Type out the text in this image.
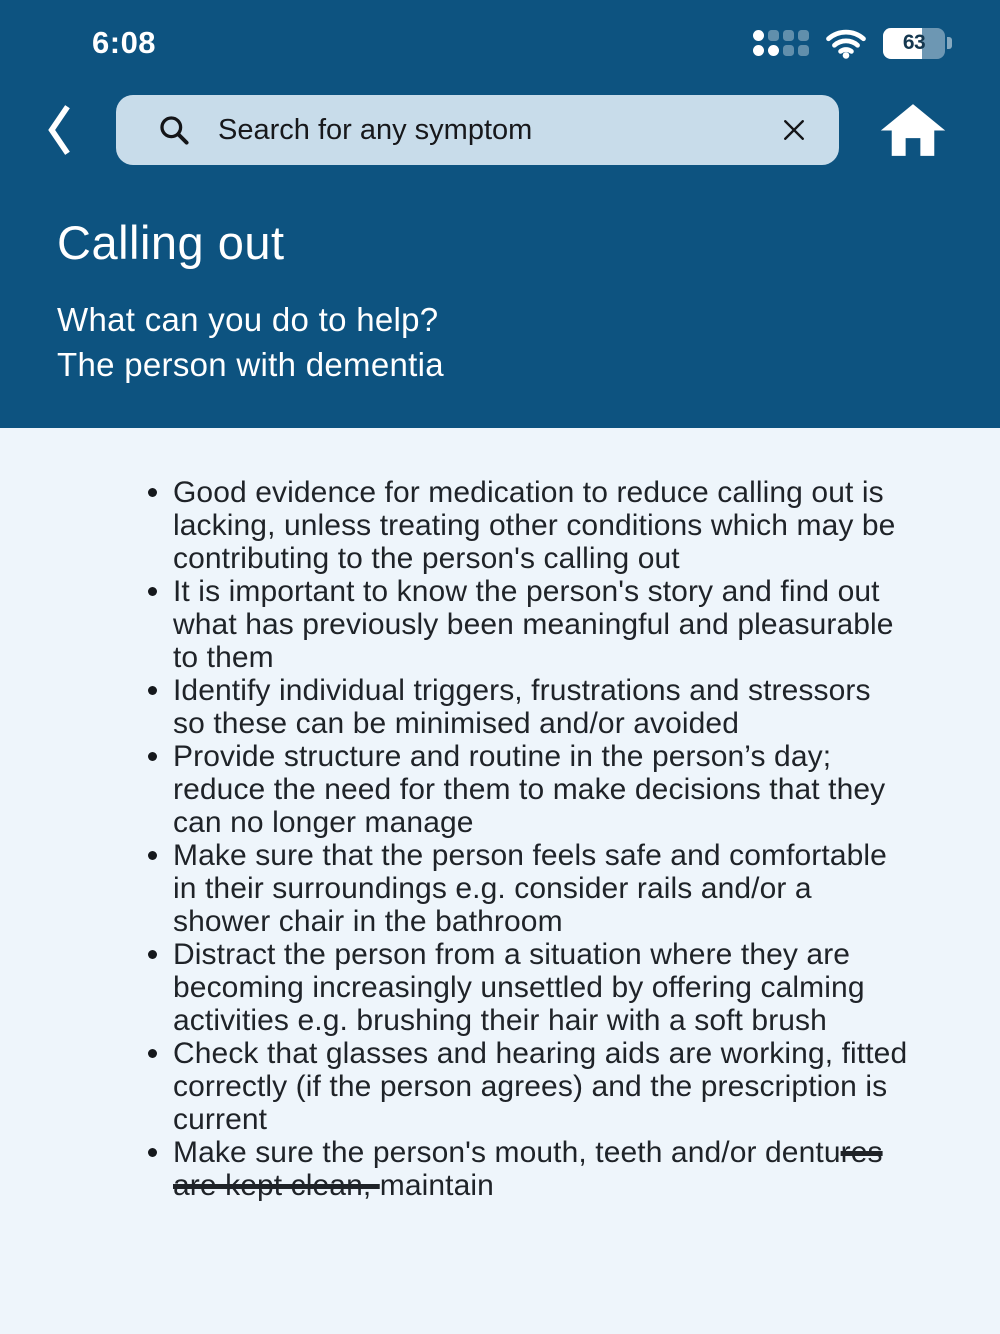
6:08	63
Search for any symptom
Calling out
What can you do to help?
The person with dementia
Good evidence for medication to reduce calling out is lacking, unless treating other conditions which may be contributing to the person's calling out
It is important to know the person's story and find out what has previously been meaningful and pleasurable to them
Identify individual triggers, frustrations and stressors so these can be minimised and/or avoided
Provide structure and routine in the person’s day; reduce the need for them to make decisions that they can no longer manage
Make sure that the person feels safe and comfortable in their surroundings e.g. consider rails and/or a shower chair in the bathroom
Distract the person from a situation where they are becoming increasingly unsettled by offering calming activities e.g. brushing their hair with a soft brush
Check that glasses and hearing aids are working, fitted correctly (if the person agrees) and the prescription is current
Make sure the person's mouth, teeth and/or dentures are kept clean, maintain
